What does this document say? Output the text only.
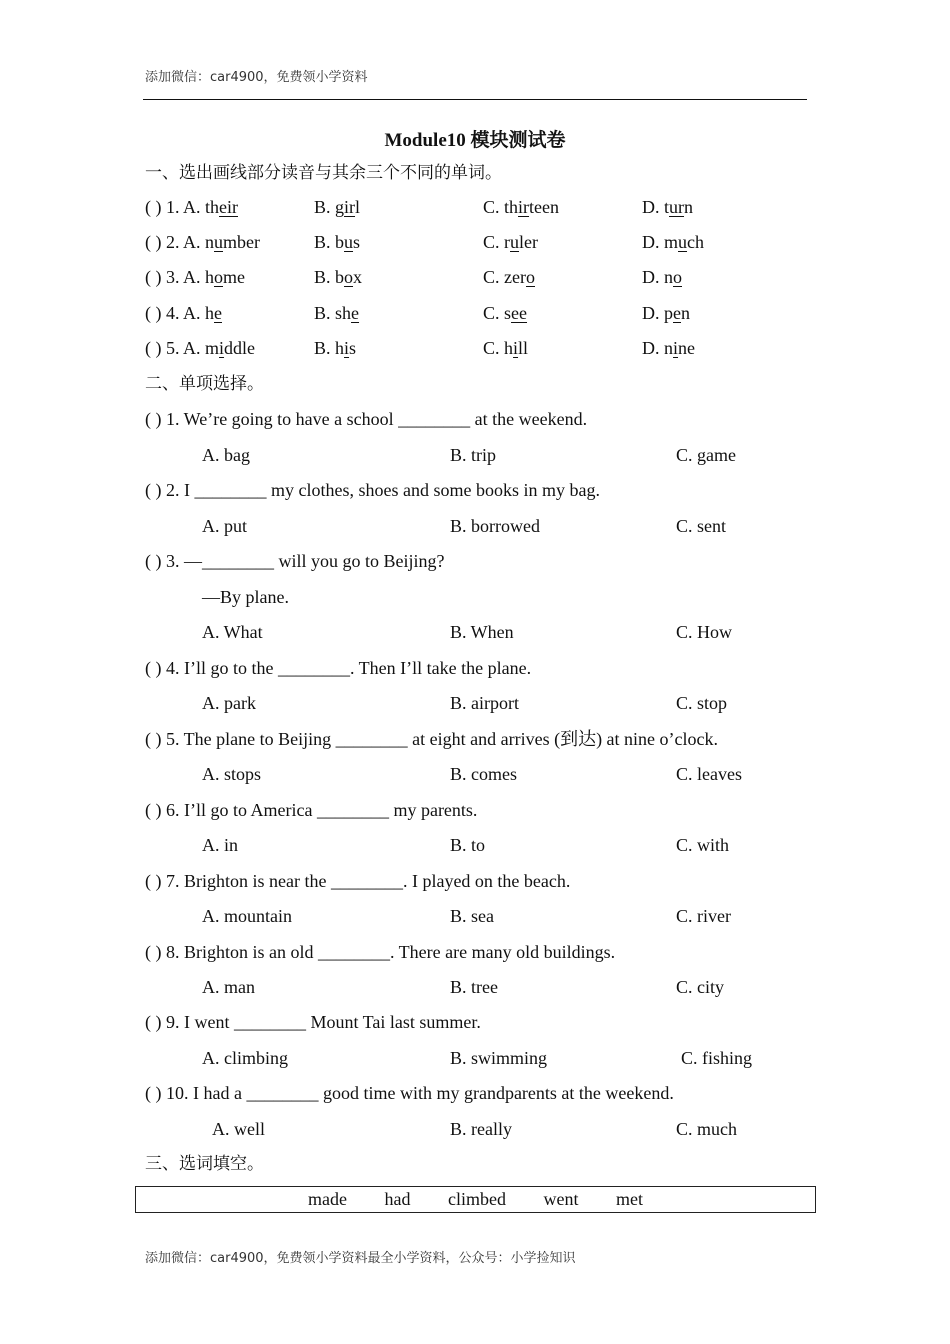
添加微信：car4900，免费领小学资料
Module10 模块测试卷
一、选出画线部分读音与其余三个不同的单词。
( ) 1. A. their	B. girl	C. thirteen	D. turn
( ) 2. A. number	B. bus	C. ruler	D. much
( ) 3. A. home	B. box	C. zero	D. no
( ) 4. A. he	B. she	C. see	D. pen
( ) 5. A. middle	B. his	C. hill	D. nine
二、单项选择。
( ) 1. We’re going to have a school ________ at the weekend.
A. bag	B. trip	C. game
( ) 2. I ________ my clothes, shoes and some books in my bag.
A. put	B. borrowed	C. sent
( ) 3. —________ will you go to Beijing?
—By plane.
A. What	B. When	C. How
( ) 4. I’ll go to the ________. Then I’ll take the plane.
A. park	B. airport	C. stop
( ) 5. The plane to Beijing ________ at eight and arrives (到达) at nine o’clock.
A. stops	B. comes	C. leaves
( ) 6. I’ll go to America ________ my parents.
A. in	B. to	C. with
( ) 7. Brighton is near the ________. I played on the beach.
A. mountain	B. sea	C. river
( ) 8. Brighton is an old ________. There are many old buildings.
A. man	B. tree	C. city
( ) 9. I went ________ Mount Tai last summer.
A. climbing	B. swimming	C. fishing
( ) 10. I had a ________ good time with my grandparents at the weekend.
A. well	B. really	C. much
三、选词填空。
made   had   climbed   went   met
添加微信：car4900，免费领小学资料最全小学资料，公众号：小学捡知识
